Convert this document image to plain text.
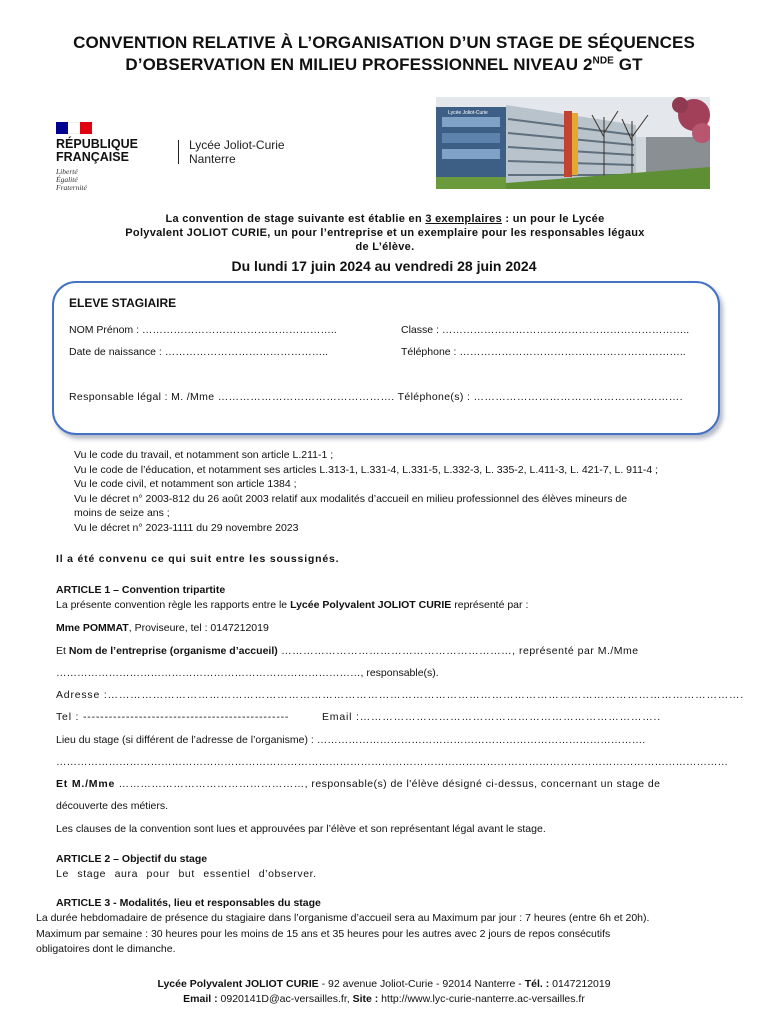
CONVENTION RELATIVE À L’ORGANISATION D’UN STAGE DE SÉQUENCES
D’OBSERVATION EN MILIEU PROFESSIONNEL NIVEAU 2NDE GT
RÉPUBLIQUE
FRANÇAISE
Liberté
Égalité
Fraternité
Lycée Joliot-Curie
Nanterre
Lycée Joliot-Curie
La convention de stage suivante est établie en 3 exemplaires : un pour le Lycée
Polyvalent JOLIOT CURIE, un pour l’entreprise et un exemplaire pour les responsables légaux
de L’élève.
Du lundi 17 juin 2024 au vendredi 28 juin 2024
ELEVE STAGIAIRE
NOM Prénom : ………………………………………………..	Classe : ……………………………………………………………..
Date de naissance : ………………………………………..	Téléphone : ………………………………………………………..
Responsable légal : M. /Mme …………………………………………. Téléphone(s) : ………………………………………………….
Vu le code du travail, et notamment son article L.211-1 ;
Vu le code de l’éducation, et notamment ses articles L.313-1, L.331-4, L.331-5, L.332-3, L. 335-2, L.411-3, L. 421-7, L. 911-4 ;
Vu le code civil, et notamment son article 1384 ;
Vu le décret n° 2003-812 du 26 août 2003 relatif aux modalités d’accueil en milieu professionnel des élèves mineurs de
moins de seize ans ;
Vu le décret n° 2023-1111 du 29 novembre 2023
Il a été convenu ce qui suit entre les soussignés.
ARTICLE 1 – Convention tripartite
La présente convention règle les rapports entre le Lycée Polyvalent JOLIOT CURIE représenté par :
Mme POMMAT, Proviseure, tel : 0147212019
Et Nom de l’entreprise (organisme d’accueil) ………………………………………………………, représenté par M./Mme
……………………………………………………………………………, responsable(s).
Adresse :…………………………………………………………………………………………………………………………………………………….
Tel : ------------------------------------------------	Email :……………………………………………………………………..
Lieu du stage (si différent de l’adresse de l’organisme) : ………………………………………………………………………………….
…………………………………………………………………………………………………………………………………………………………………………
Et M./Mme ……………………………………………, responsable(s) de l'élève désigné ci-dessus, concernant un stage de
découverte des métiers.
Les clauses de la convention sont lues et approuvées par l’élève et son représentant légal avant le stage.
ARTICLE 2 – Objectif du stage
Le stage aura pour but essentiel d’observer.
ARTICLE 3 - Modalités, lieu et responsables du stage
La durée hebdomadaire de présence du stagiaire dans l’organisme d’accueil sera au Maximum par jour : 7 heures (entre 6h et 20h).
Maximum par semaine : 30 heures pour les moins de 15 ans et 35 heures pour les autres avec 2 jours de repos consécutifs
obligatoires dont le dimanche.
Lycée Polyvalent JOLIOT CURIE - 92 avenue Joliot-Curie - 92014 Nanterre - Tél. : 0147212019
Email : 0920141D@ac-versailles.fr, Site : http://www.lyc-curie-nanterre.ac-versailles.fr
